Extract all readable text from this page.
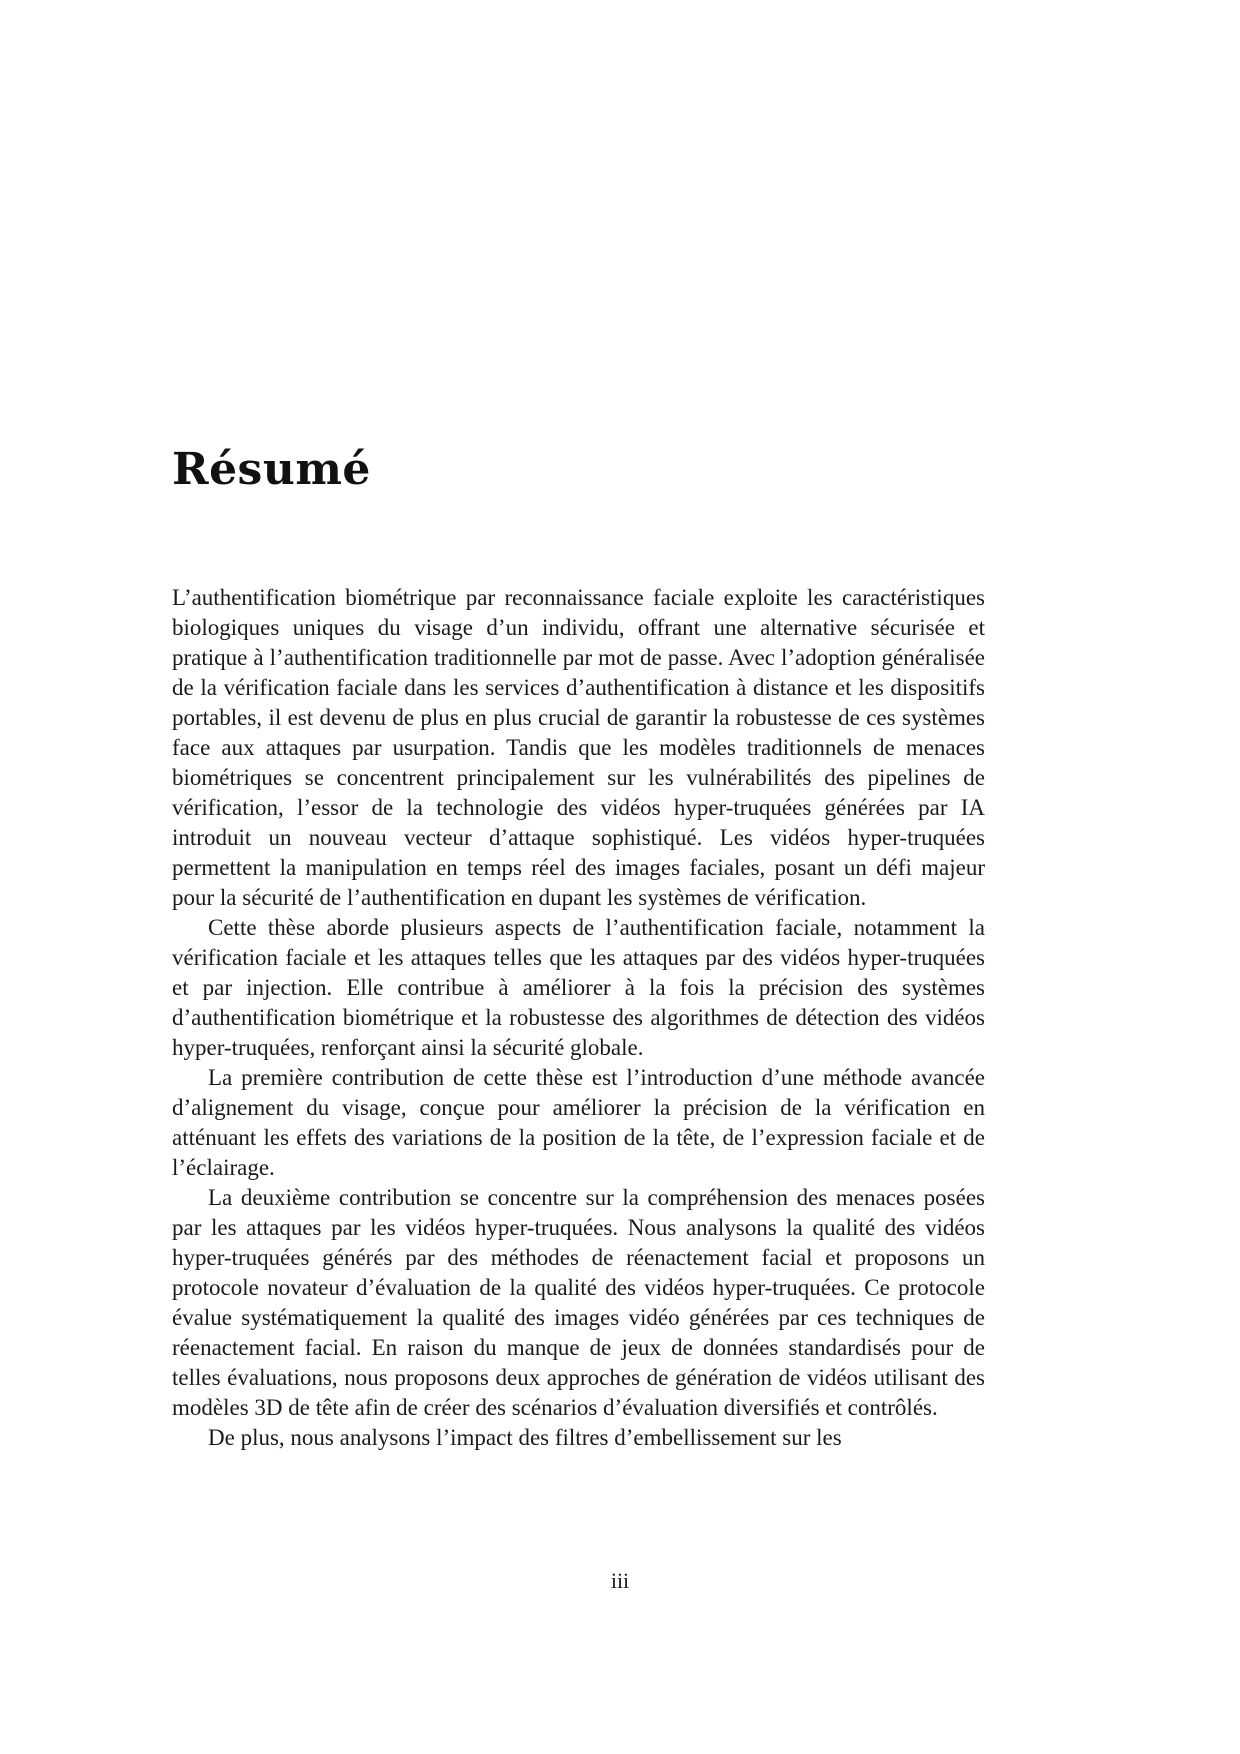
Résumé

L’authentification biométrique par reconnaissance faciale exploite les caractéristiques biologiques uniques du visage d’un individu, offrant une alternative sécurisée et pratique à l’authentification traditionnelle par mot de passe. Avec l’adoption généralisée de la vérification faciale dans les services d’authentification à distance et les dispositifs portables, il est devenu de plus en plus crucial de garantir la robustesse de ces systèmes face aux attaques par usurpation. Tandis que les modèles traditionnels de menaces biométriques se concentrent principalement sur les vulnérabilités des pipelines de vérification, l’essor de la technologie des vidéos hyper-truquées générées par IA introduit un nouveau vecteur d’attaque sophistiqué. Les vidéos hyper-truquées permettent la manipulation en temps réel des images faciales, posant un défi majeur pour la sécurité de l’authentification en dupant les systèmes de vérification.

Cette thèse aborde plusieurs aspects de l’authentification faciale, notamment la vérification faciale et les attaques telles que les attaques par des vidéos hyper-truquées et par injection. Elle contribue à améliorer à la fois la précision des systèmes d’authentification biométrique et la robustesse des algorithmes de détection des vidéos hyper-truquées, renforçant ainsi la sécurité globale.

La première contribution de cette thèse est l’introduction d’une méthode avancée d’alignement du visage, conçue pour améliorer la précision de la vérification en atténuant les effets des variations de la position de la tête, de l’expression faciale et de l’éclairage.

La deuxième contribution se concentre sur la compréhension des menaces posées par les attaques par les vidéos hyper-truquées. Nous analysons la qualité des vidéos hyper-truquées générés par des méthodes de réenactement facial et proposons un protocole novateur d’évaluation de la qualité des vidéos hyper-truquées. Ce protocole évalue systématiquement la qualité des images vidéo générées par ces techniques de réenactement facial. En raison du manque de jeux de données standardisés pour de telles évaluations, nous proposons deux approches de génération de vidéos utilisant des modèles 3D de tête afin de créer des scénarios d’évaluation diversifiés et contrôlés.

De plus, nous analysons l’impact des filtres d’embellissement sur les

iii
